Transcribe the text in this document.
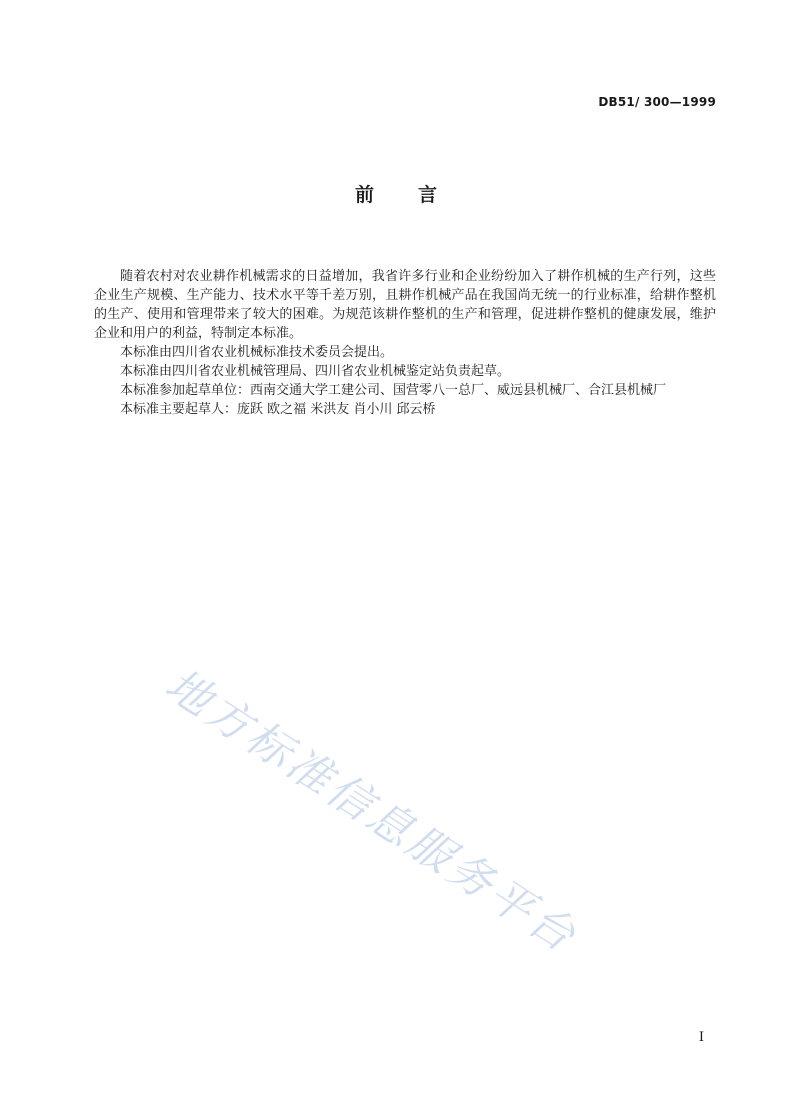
DB51/ 300—1999
前 言

随着农村对农业耕作机械需求的日益增加，我省许多行业和企业纷纷加入了耕作机械的生产行列，这些企业生产规模、生产能力、技术水平等千差万别，且耕作机械产品在我国尚无统一的行业标准，给耕作整机的生产、使用和管理带来了较大的困难。为规范该耕作整机的生产和管理，促进耕作整机的健康发展，维护企业和用户的利益，特制定本标准。

本标准由四川省农业机械标准技术委员会提出。

本标准由四川省农业机械管理局、四川省农业机械鉴定站负责起草。

本标准参加起草单位：西南交通大学工建公司、国营零八一总厂、威远县机械厂、合江县机械厂

本标准主要起草人：庞跃 欧之福 米洪友 肖小川 邱云桥

地方标准信息服务平台
I
